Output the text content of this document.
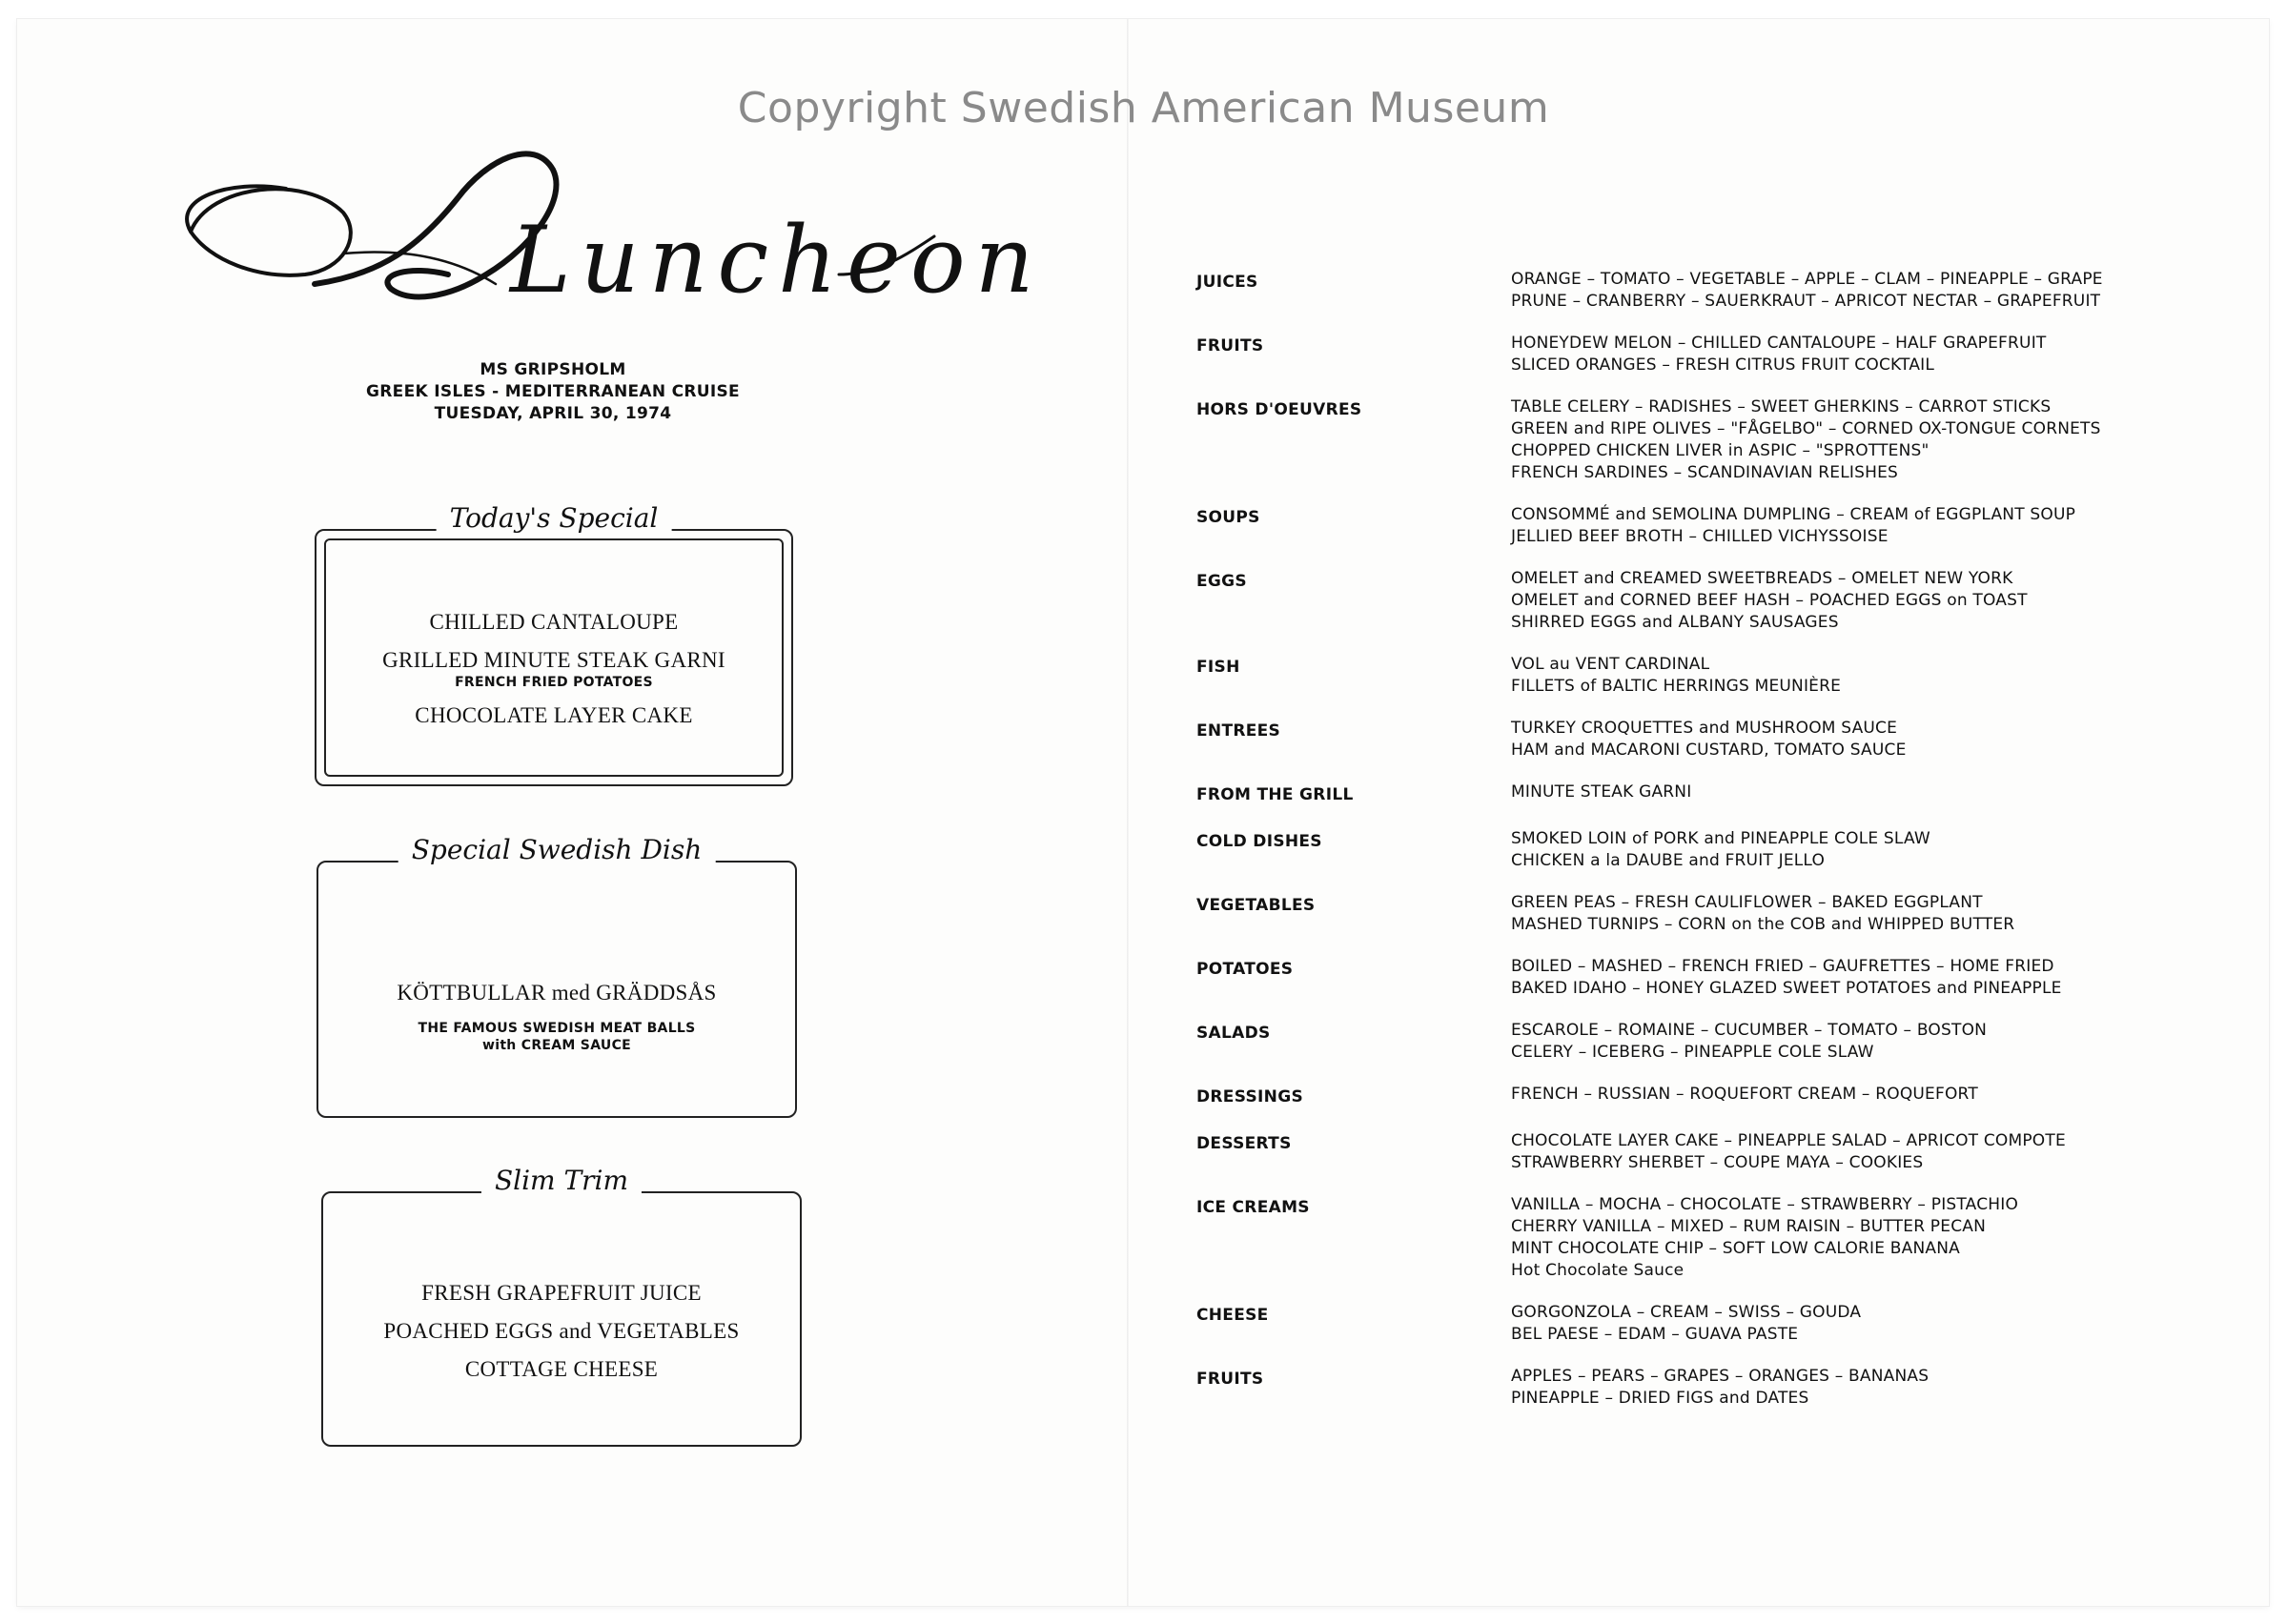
Copyright Swedish American Museum
Luncheon
MS GRIPSHOLM
GREEK ISLES - MEDITERRANEAN CRUISE
TUESDAY, APRIL 30, 1974
Today's Special

CHILLED CANTALOUPE

GRILLED MINUTE STEAK GARNI

FRENCH FRIED POTATOES

CHOCOLATE LAYER CAKE

Special Swedish Dish

KÖTTBULLAR med GRÄDDSÅS

THE FAMOUS SWEDISH MEAT BALLS

with CREAM SAUCE

Slim Trim

FRESH GRAPEFRUIT JUICE

POACHED EGGS and VEGETABLES

COTTAGE CHEESE

JUICES	ORANGE – TOMATO – VEGETABLE – APPLE – CLAM – PINEAPPLE – GRAPE
PRUNE – CRANBERRY – SAUERKRAUT – APRICOT NECTAR – GRAPEFRUIT
FRUITS	HONEYDEW MELON – CHILLED CANTALOUPE – HALF GRAPEFRUIT
SLICED ORANGES – FRESH CITRUS FRUIT COCKTAIL
HORS D'OEUVRES	TABLE CELERY – RADISHES – SWEET GHERKINS – CARROT STICKS
GREEN and RIPE OLIVES – "FÅGELBO" – CORNED OX-TONGUE CORNETS
CHOPPED CHICKEN LIVER in ASPIC – "SPROTTENS"
FRENCH SARDINES – SCANDINAVIAN RELISHES
SOUPS	CONSOMMÉ and SEMOLINA DUMPLING – CREAM of EGGPLANT SOUP
JELLIED BEEF BROTH – CHILLED VICHYSSOISE
EGGS	OMELET and CREAMED SWEETBREADS – OMELET NEW YORK
OMELET and CORNED BEEF HASH – POACHED EGGS on TOAST
SHIRRED EGGS and ALBANY SAUSAGES
FISH	VOL au VENT CARDINAL
FILLETS of BALTIC HERRINGS MEUNIÈRE
ENTREES	TURKEY CROQUETTES and MUSHROOM SAUCE
HAM and MACARONI CUSTARD, TOMATO SAUCE
FROM THE GRILL	MINUTE STEAK GARNI
COLD DISHES	SMOKED LOIN of PORK and PINEAPPLE COLE SLAW
CHICKEN a la DAUBE and FRUIT JELLO
VEGETABLES	GREEN PEAS – FRESH CAULIFLOWER – BAKED EGGPLANT
MASHED TURNIPS – CORN on the COB and WHIPPED BUTTER
POTATOES	BOILED – MASHED – FRENCH FRIED – GAUFRETTES – HOME FRIED
BAKED IDAHO – HONEY GLAZED SWEET POTATOES and PINEAPPLE
SALADS	ESCAROLE – ROMAINE – CUCUMBER – TOMATO – BOSTON
CELERY – ICEBERG – PINEAPPLE COLE SLAW
DRESSINGS	FRENCH – RUSSIAN – ROQUEFORT CREAM – ROQUEFORT
DESSERTS	CHOCOLATE LAYER CAKE – PINEAPPLE SALAD – APRICOT COMPOTE
STRAWBERRY SHERBET – COUPE MAYA – COOKIES
ICE CREAMS	VANILLA – MOCHA – CHOCOLATE – STRAWBERRY – PISTACHIO
CHERRY VANILLA – MIXED – RUM RAISIN – BUTTER PECAN
MINT CHOCOLATE CHIP – SOFT LOW CALORIE BANANA
Hot Chocolate Sauce
CHEESE	GORGONZOLA – CREAM – SWISS – GOUDA
BEL PAESE – EDAM – GUAVA PASTE
FRUITS	APPLES – PEARS – GRAPES – ORANGES – BANANAS
PINEAPPLE – DRIED FIGS and DATES
